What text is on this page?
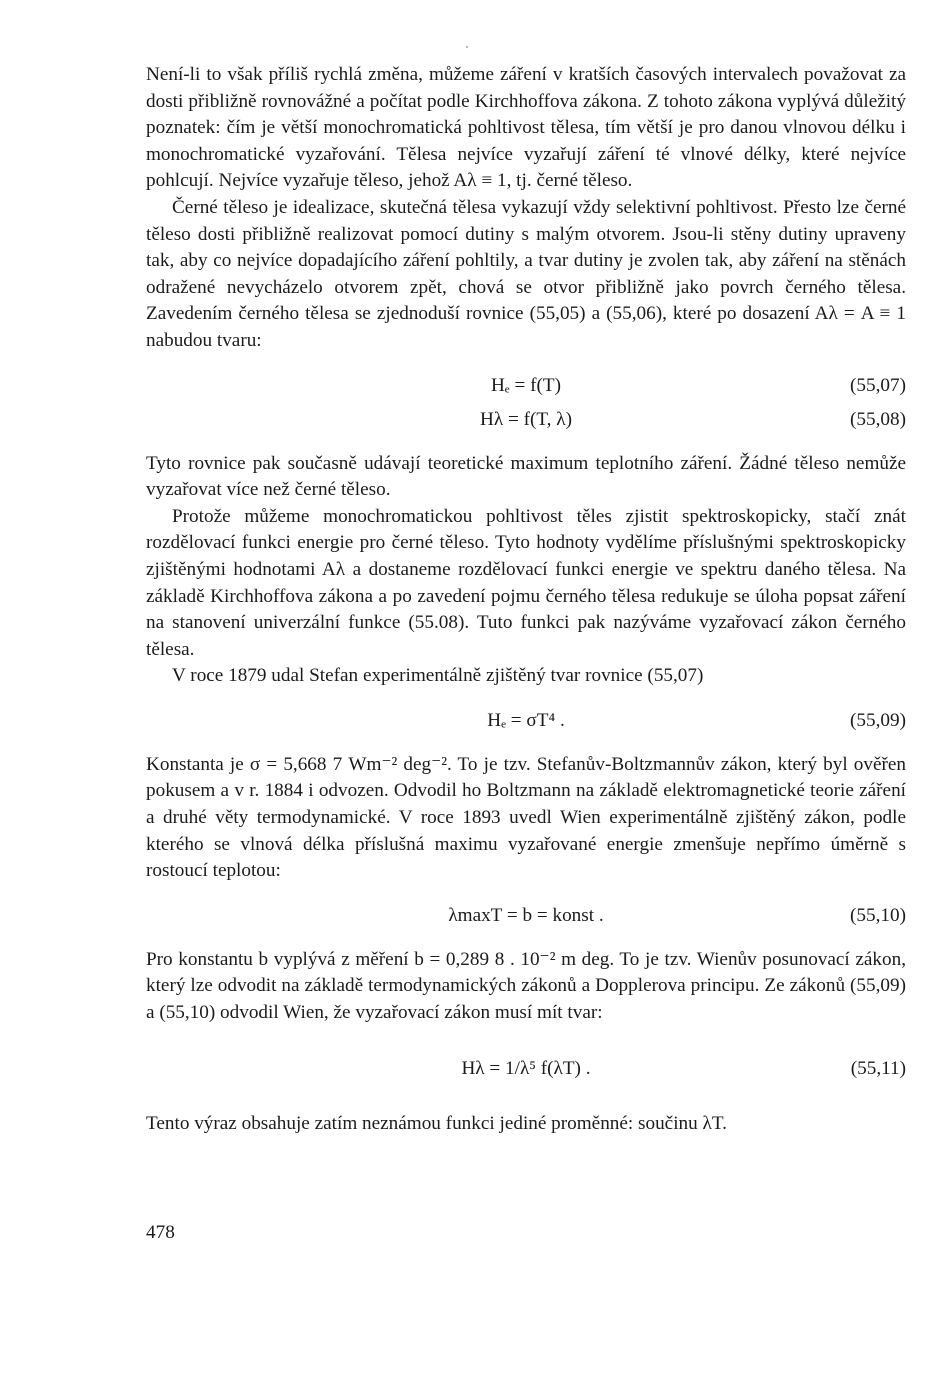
Není-li to však příliš rychlá změna, můžeme záření v kratších časových intervalech považovat za dosti přibližně rovnovážné a počítat podle Kirchhoffova zákona. Z tohoto zákona vyplývá důležitý poznatek: čím je větší monochromatická pohltivost tělesa, tím větší je pro danou vlnovou délku i monochromatické vyzařování. Tělesa nejvíce vyzařují záření té vlnové délky, které nejvíce pohlcují. Nejvíce vyzařuje těleso, jehož Aλ ≡ 1, tj. černé těleso.

Černé těleso je idealizace, skutečná tělesa vykazují vždy selektivní pohltivost. Přesto lze černé těleso dosti přibližně realizovat pomocí dutiny s malým otvorem. Jsou-li stěny dutiny upraveny tak, aby co nejvíce dopadajícího záření pohltily, a tvar dutiny je zvolen tak, aby záření na stěnách odražené nevycházelo otvorem zpět, chová se otvor přibližně jako povrch černého tělesa. Zavedením černého tělesa se zjednoduší rovnice (55,05) a (55,06), které po dosazení Aλ = A ≡ 1 nabudou tvaru:

Hₑ = f(T)	(55,07)
Hλ = f(T, λ)	(55,08)

Tyto rovnice pak současně udávají teoretické maximum teplotního záření. Žádné těleso nemůže vyzařovat více než černé těleso.

Protože můžeme monochromatickou pohltivost těles zjistit spektroskopicky, stačí znát rozdělovací funkci energie pro černé těleso. Tyto hodnoty vydělíme příslušnými spektroskopicky zjištěnými hodnotami Aλ a dostaneme rozdělovací funkci energie ve spektru daného tělesa. Na základě Kirchhoffova zákona a po zavedení pojmu černého tělesa redukuje se úloha popsat záření na stanovení univerzální funkce (55.08). Tuto funkci pak nazýváme vyzařovací zákon černého tělesa.

V roce 1879 udal Stefan experimentálně zjištěný tvar rovnice (55,07)

Hₑ = σT⁴ .	(55,09)

Konstanta je σ = 5,668 7 Wm⁻² deg⁻². To je tzv. Stefanův-Boltzmannův zákon, který byl ověřen pokusem a v r. 1884 i odvozen. Odvodil ho Boltzmann na základě elektromagnetické teorie záření a druhé věty termodynamické. V roce 1893 uvedl Wien experimentálně zjištěný zákon, podle kterého se vlnová délka příslušná maximu vyzařované energie zmenšuje nepřímo úměrně s rostoucí teplotou:

λmaxT = b = konst .	(55,10)

Pro konstantu b vyplývá z měření b = 0,289 8 . 10⁻² m deg. To je tzv. Wienův posunovací zákon, který lze odvodit na základě termodynamických zákonů a Dopplerova principu. Ze zákonů (55,09) a (55,10) odvodil Wien, že vyzařovací zákon musí mít tvar:

Hλ = 1/λ⁵ f(λT) .	(55,11)

Tento výraz obsahuje zatím neznámou funkci jediné proměnné: součinu λT.

478
